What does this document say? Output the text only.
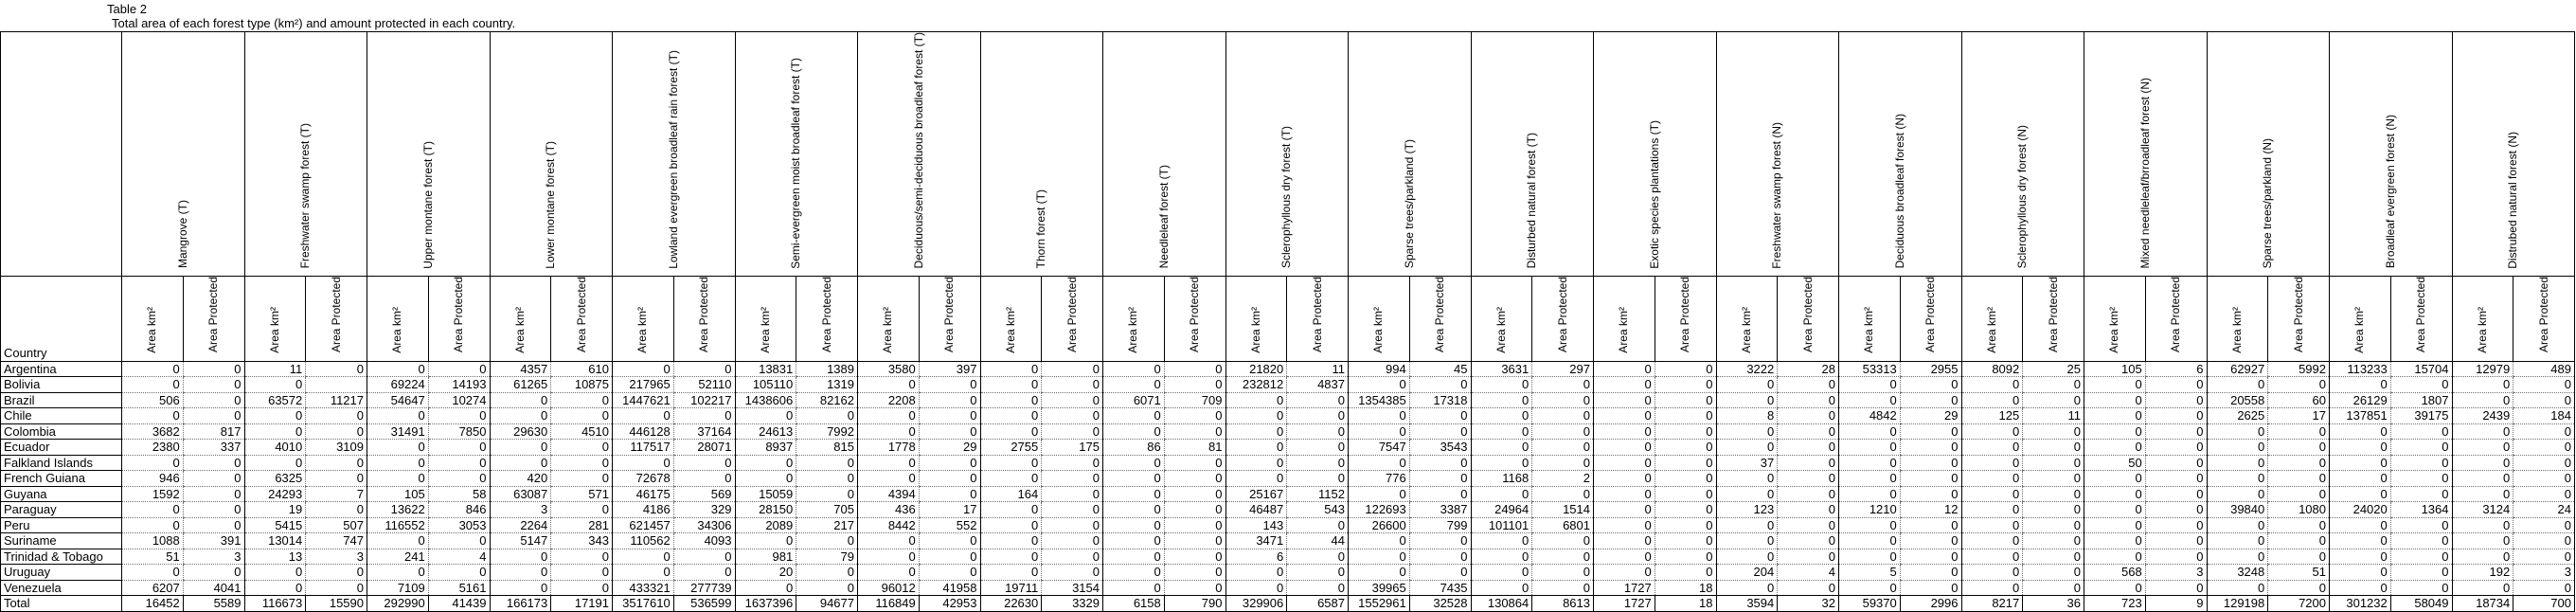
Table 2
Total area of each forest type (km²) and amount protected in each country.
	Mangrove (T)		Freshwater swamp forest (T)		Upper montane forest (T)		Lower montane forest (T)		Lowland evergreen broadleaf rain forest (T)		Semi-evergreen moist broadleaf forest (T)		Deciduous/semi-deciduous broadleaf forest (T)		Thorn forest (T)		Needleleaf forest (T)		Sclerophyllous dry forest (T)		Sparse trees/parkland (T)		Disturbed natural forest (T)		Exotic species plantations (T)		Freshwater swamp forest (N)		Deciduous broadleaf forest (N)		Sclerophyllous dry forest (N)		Mixed needleleaf/brroadleaf forest (N)		Sparse trees/parkland (N)		Broadleaf evergreen forest (N)		Distrubed natural forest (N)	
Country	Area km²	Area Protected	Area km²	Area Protected	Area km²	Area Protected	Area km²	Area Protected	Area km²	Area Protected	Area km²	Area Protected	Area km²	Area Protected	Area km²	Area Protected	Area km²	Area Protected	Area km²	Area Protected	Area km²	Area Protected	Area km²	Area Protected	Area km²	Area Protected	Area km²	Area Protected	Area km²	Area Protected	Area km²	Area Protected	Area km²	Area Protected	Area km²	Area Protected	Area km²	Area Protected	Area km²	Area Protected
Argentina	0	0	11	0	0	0	4357	610	0	0	13831	1389	3580	397	0	0	0	0	21820	11	994	45	3631	297	0	0	3222	28	53313	2955	8092	25	105	6	62927	5992	113233	15704	12979	489
Bolivia	0	0	0		69224	14193	61265	10875	217965	52110	105110	1319	0	0	0	0	0	0	232812	4837	0	0	0	0	0	0	0	0	0	0	0	0	0	0	0	0	0	0	0	0
Brazil	506	0	63572	11217	54647	10274	0	0	1447621	102217	1438606	82162	2208	0	0	0	6071	709	0	0	1354385	17318	0	0	0	0	0	0	0	0	0	0	0	0	20558	60	26129	1807	0	0
Chile	0	0	0	0	0	0	0	0	0	0	0	0	0	0	0	0	0	0	0	0	0	0	0	0	0	0	8	0	4842	29	125	11	0	0	2625	17	137851	39175	2439	184
Colombia	3682	817	0	0	31491	7850	29630	4510	446128	37164	24613	7992	0	0	0	0	0	0	0	0	0	0	0	0	0	0	0	0	0	0	0	0	0	0	0	0	0	0	0	0
Ecuador	2380	337	4010	3109	0	0	0	0	117517	28071	8937	815	1778	29	2755	175	86	81	0	0	7547	3543	0	0	0	0	0	0	0	0	0	0	0	0	0	0	0	0	0	0
Falkland Islands	0	0	0	0	0	0	0	0	0	0	0	0	0	0	0	0	0	0	0	0	0	0	0	0	0	0	37	0	0	0	0	0	50	0	0	0	0	0	0	0
French Guiana	946	0	6325	0	0	0	420	0	72678	0	0	0	0	0	0	0	0	0	0	0	776	0	1168	2	0	0	0	0	0	0	0	0	0	0	0	0	0	0	0	0
Guyana	1592	0	24293	7	105	58	63087	571	46175	569	15059	0	4394	0	164	0	0	0	25167	1152	0	0	0	0	0	0	0	0	0	0	0	0	0	0	0	0	0	0	0	0
Paraguay	0	0	19	0	13622	846	3	0	4186	329	28150	705	436	17	0	0	0	0	46487	543	122693	3387	24964	1514	0	0	123	0	1210	12	0	0	0	0	39840	1080	24020	1364	3124	24
Peru	0	0	5415	507	116552	3053	2264	281	621457	34306	2089	217	8442	552	0	0	0	0	143	0	26600	799	101101	6801	0	0	0	0	0	0	0	0	0	0	0	0	0	0	0	0
Suriname	1088	391	13014	747	0	0	5147	343	110562	4093	0	0	0	0	0	0	0	0	3471	44	0	0	0	0	0	0	0	0	0	0	0	0	0	0	0	0	0	0	0	0
Trinidad & Tobago	51	3	13	3	241	4	0	0	0	0	981	79	0	0	0	0	0	0	6	0	0	0	0	0	0	0	0	0	0	0	0	0	0	0	0	0	0	0	0	0
Uruguay	0	0	0	0	0	0	0	0	0	0	20	0	0	0	0	0	0	0	0	0	0	0	0	0	0	0	204	4	5	0	0	0	568	3	3248	51	0	0	192	3
Venezuela	6207	4041	0	0	7109	5161	0	0	433321	277739	0	0	96012	41958	19711	3154	0	0	0	0	39965	7435	0	0	1727	18	0	0	0	0	0	0	0	0	0	0	0	0	0	0
Total	16452	5589	116673	15590	292990	41439	166173	17191	3517610	536599	1637396	94677	116849	42953	22630	3329	6158	790	329906	6587	1552961	32528	130864	8613	1727	18	3594	32	59370	2996	8217	36	723	9	129198	7200	301232	58049	18734	700
